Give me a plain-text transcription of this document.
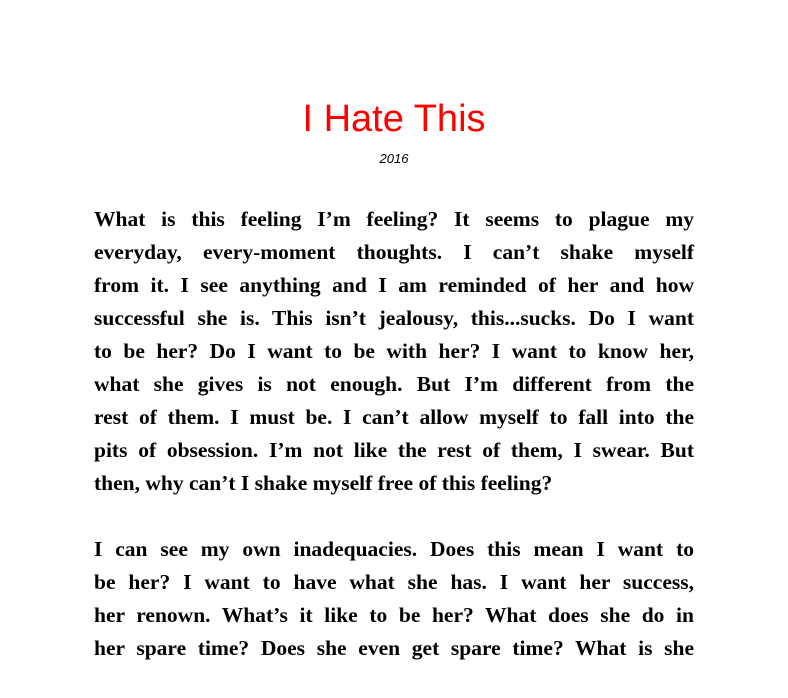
I Hate This
2016

What is this feeling I’m feeling? It seems to plague my
everyday, every-moment thoughts. I can’t shake myself
from it. I see anything and I am reminded of her and how
successful she is. This isn’t jealousy, this...sucks. Do I want
to be her? Do I want to be with her? I want to know her,
what she gives is not enough. But I’m different from the
rest of them. I must be. I can’t allow myself to fall into the
pits of obsession. I’m not like the rest of them, I swear. But
then, why can’t I shake myself free of this feeling?

I can see my own inadequacies. Does this mean I want to
be her? I want to have what she has. I want her success,
her renown. What’s it like to be her? What does she do in
her spare time? Does she even get spare time? What is she
